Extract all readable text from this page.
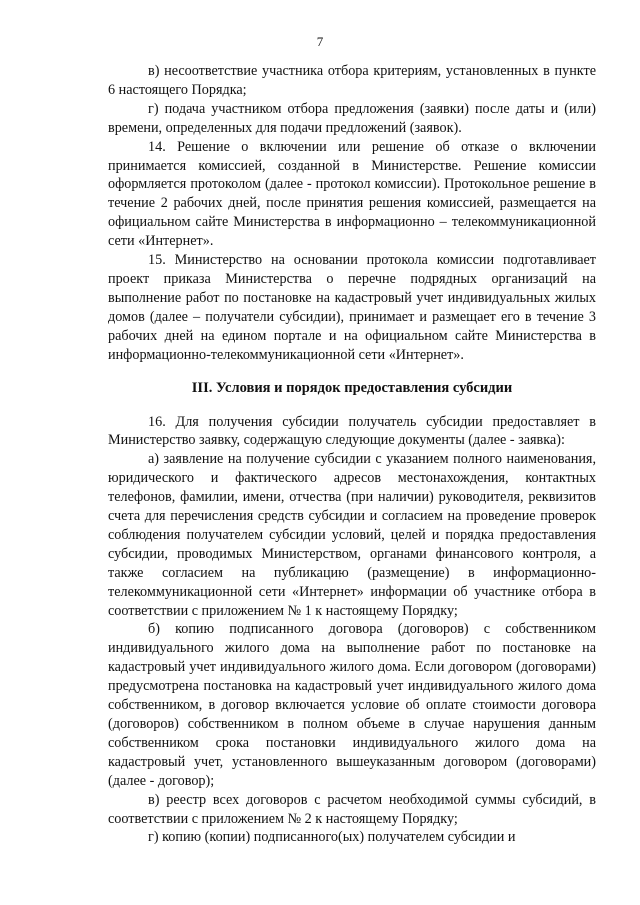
7

в) несоответствие участника отбора критериям, установленных в пункте 6 настоящего Порядка;

г) подача участником отбора предложения (заявки) после даты и (или) времени, определенных для подачи предложений (заявок).

14. Решение о включении или решение об отказе о включении принимается комиссией, созданной в Министерстве. Решение комиссии оформляется протоколом (далее - протокол комиссии). Протокольное решение в течение 2 рабочих дней, после принятия решения комиссией, размещается на официальном сайте Министерства в информационно – телекоммуникационной сети «Интернет».

15. Министерство на основании протокола комиссии подготавливает проект приказа Министерства о перечне подрядных организаций на выполнение работ по постановке на кадастровый учет индивидуальных жилых домов (далее – получатели субсидии), принимает и размещает его в течение 3 рабочих дней на едином портале и на официальном сайте Министерства в информационно-телекоммуникационной сети «Интернет».

III. Условия и порядок предоставления субсидии

16. Для получения субсидии получатель субсидии предоставляет в Министерство заявку, содержащую следующие документы (далее - заявка):

а) заявление на получение субсидии с указанием полного наименования, юридического и фактического адресов местонахождения, контактных телефонов, фамилии, имени, отчества (при наличии) руководителя, реквизитов счета для перечисления средств субсидии и согласием на проведение проверок соблюдения получателем субсидии условий, целей и порядка предоставления субсидии, проводимых Министерством, органами финансового контроля, а также согласием на публикацию (размещение) в информационно-телекоммуникационной сети «Интернет» информации об участнике отбора в соответствии с приложением № 1 к настоящему Порядку;

б) копию подписанного договора (договоров) с собственником индивидуального жилого дома на выполнение работ по постановке на кадастровый учет индивидуального жилого дома. Если договором (договорами) предусмотрена постановка на кадастровый учет индивидуального жилого дома собственником, в договор включается условие об оплате стоимости договора (договоров) собственником в полном объеме в случае нарушения данным собственником срока постановки индивидуального жилого дома на кадастровый учет, установленного вышеуказанным договором (договорами) (далее - договор);

в) реестр всех договоров с расчетом необходимой суммы субсидий, в соответствии с приложением № 2 к настоящему Порядку;

г) копию (копии) подписанного(ых) получателем субсидии и
